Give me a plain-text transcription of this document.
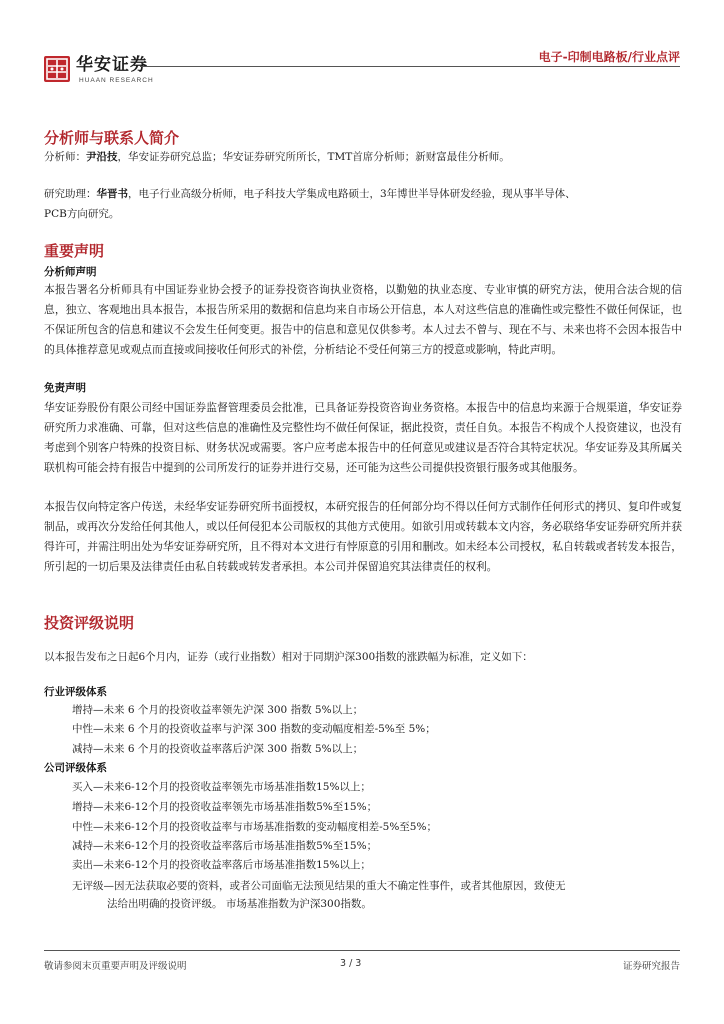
华安证券
HUAAN RESEARCH
电子-印制电路板/行业点评
分析师与联系人简介
分析师：尹沿技，华安证券研究总监；华安证券研究所所长，TMT首席分析师；新财富最佳分析师。
研究助理：华晋书，电子行业高级分析师，电子科技大学集成电路硕士，3年博世半导体研发经验，现从事半导体、
PCB方向研究。
重要声明
分析师声明
本报告署名分析师具有中国证券业协会授予的证券投资咨询执业资格，以勤勉的执业态度、专业审慎的研究方法，使用合法合规的信息，独立、客观地出具本报告，本报告所采用的数据和信息均来自市场公开信息，本人对这些信息的准确性或完整性不做任何保证，也不保证所包含的信息和建议不会发生任何变更。报告中的信息和意见仅供参考。本人过去不曾与、现在不与、未来也将不会因本报告中的具体推荐意见或观点而直接或间接收任何形式的补偿，分析结论不受任何第三方的授意或影响，特此声明。
免责声明
华安证券股份有限公司经中国证券监督管理委员会批准，已具备证券投资咨询业务资格。本报告中的信息均来源于合规渠道，华安证券研究所力求准确、可靠，但对这些信息的准确性及完整性均不做任何保证，据此投资，责任自负。本报告不构成个人投资建议，也没有考虑到个别客户特殊的投资目标、财务状况或需要。客户应考虑本报告中的任何意见或建议是否符合其特定状况。华安证券及其所属关联机构可能会持有报告中提到的公司所发行的证券并进行交易，还可能为这些公司提供投资银行服务或其他服务。
本报告仅向特定客户传送，未经华安证券研究所书面授权，本研究报告的任何部分均不得以任何方式制作任何形式的拷贝、复印件或复制品，或再次分发给任何其他人，或以任何侵犯本公司版权的其他方式使用。如欲引用或转载本文内容，务必联络华安证券研究所并获得许可，并需注明出处为华安证券研究所，且不得对本文进行有悖原意的引用和删改。如未经本公司授权，私自转载或者转发本报告，所引起的一切后果及法律责任由私自转载或转发者承担。本公司并保留追究其法律责任的权利。
投资评级说明
以本报告发布之日起6个月内，证券（或行业指数）相对于同期沪深300指数的涨跌幅为标准，定义如下：
行业评级体系
增持—未来 6 个月的投资收益率领先沪深 300 指数 5%以上；
中性—未来 6 个月的投资收益率与沪深 300 指数的变动幅度相差-5%至 5%；
减持—未来 6 个月的投资收益率落后沪深 300 指数 5%以上；
公司评级体系
买入—未来6-12个月的投资收益率领先市场基准指数15%以上；
增持—未来6-12个月的投资收益率领先市场基准指数5%至15%；
中性—未来6-12个月的投资收益率与市场基准指数的变动幅度相差-5%至5%；
减持—未来6-12个月的投资收益率落后市场基准指数5%至15%；
卖出—未来6-12个月的投资收益率落后市场基准指数15%以上；
无评级—因无法获取必要的资料，或者公司面临无法预见结果的重大不确定性事件，或者其他原因，致使无
法给出明确的投资评级。 市场基准指数为沪深300指数。
敬请参阅末页重要声明及评级说明	3 / 3	证券研究报告
